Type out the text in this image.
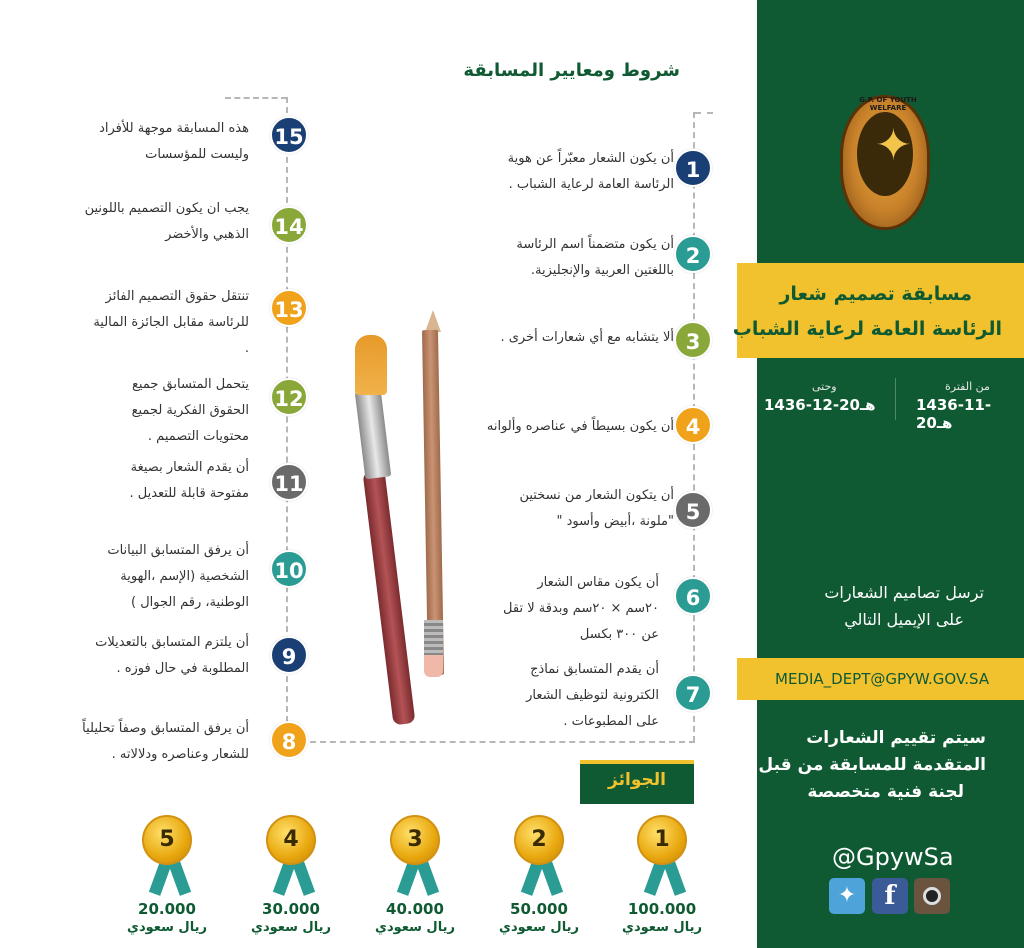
G.P. OF YOUTH WELFARE
✦
مسابقة تصميم شعار
الرئاسة العامة لرعاية الشباب
من الفترة
1436-11-20هـ
وحتى
1436-12-20هـ
ترسل تصاميم الشعارات
على الإيميل التالي
MEDIA_DEPT@GPYW.GOV.SA
سيتم تقييم الشعارات
المتقدمة للمسابقة من قبل
لجنة فنية متخصصة
@GpywSa
✦	f
شروط ومعايير المسابقة
1
أن يكون الشعار معبّراً عن هوية
الرئاسة العامة لرعاية الشباب .
2
أن يكون متضمناً اسم الرئاسة
باللغتين العربية والإنجليزية.
3
ألا يتشابه مع أي شعارات أخرى .
4
أن يكون بسيطاً في عناصره وألوانه
5
أن يتكون الشعار من نسختين
"ملونة ،أبيض وأسود "
6
أن يكون مقاس الشعار
٢٠سم × ٢٠سم وبدقة لا تقل
عن ٣٠٠ بكسل
7
أن يقدم المتسابق نماذج
الكترونية لتوظيف الشعار
على المطبوعات .
15
هذه المسابقة موجهة للأفراد
وليست للمؤسسات
14
يجب ان يكون التصميم باللونين
الذهبي والأخضر
13
تنتقل حقوق التصميم الفائز
للرئاسة مقابل الجائزة المالية
.
12
يتحمل المتسابق جميع
الحقوق الفكرية لجميع
محتويات التصميم .
11
أن يقدم الشعار بصيغة
مفتوحة قابلة للتعديل .
10
أن يرفق المتسابق البيانات
الشخصية (الإسم ،الهوية
الوطنية، رقم الجوال )
9
أن يلتزم المتسابق بالتعديلات
المطلوبة في حال فوزه .
8
أن يرفق المتسابق وصفاً تحليلياً
للشعار وعناصره ودلالاته .
الجوائز
1
100.000
ريال سعودي
2
50.000
ريال سعودي
3
40.000
ريال سعودي
4
30.000
ريال سعودي
5
20.000
ريال سعودي
